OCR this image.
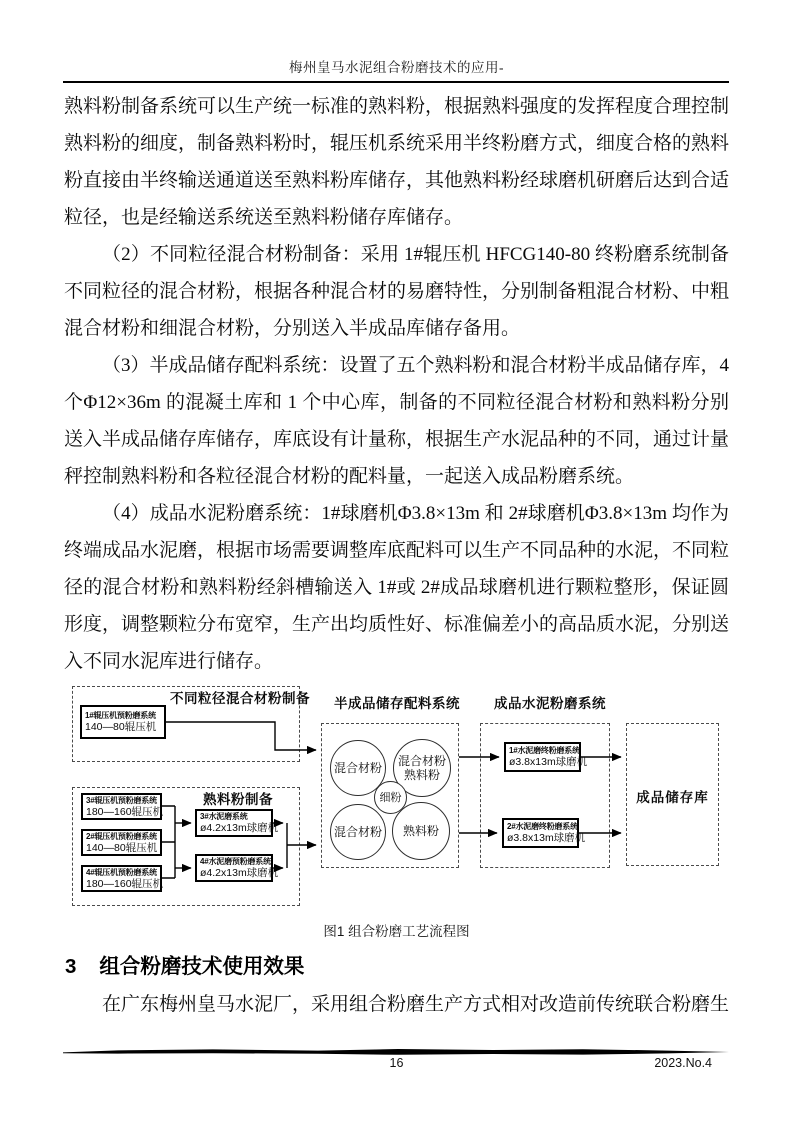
梅州皇马水泥组合粉磨技术的应用-

熟料粉制备系统可以生产统一标准的熟料粉，根据熟料强度的发挥程度合理控制熟料粉的细度，制备熟料粉时，辊压机系统采用半终粉磨方式，细度合格的熟料粉直接由半终输送通道送至熟料粉库储存，其他熟料粉经球磨机研磨后达到合适粒径，也是经输送系统送至熟料粉储存库储存。

（2）不同粒径混合材粉制备：采用 1#辊压机 HFCG140-80 终粉磨系统制备不同粒径的混合材粉，根据各种混合材的易磨特性，分别制备粗混合材粉、中粗混合材粉和细混合材粉，分别送入半成品库储存备用。

（3）半成品储存配料系统：设置了五个熟料粉和混合材粉半成品储存库，4 个Φ12×36m 的混凝土库和 1 个中心库，制备的不同粒径混合材粉和熟料粉分别送入半成品储存库储存，库底设有计量称，根据生产水泥品种的不同，通过计量秤控制熟料粉和各粒径混合材粉的配料量，一起送入成品粉磨系统。

（4）成品水泥粉磨系统：1#球磨机Φ3.8×13m 和 2#球磨机Φ3.8×13m 均作为终端成品水泥磨，根据市场需要调整库底配料可以生产不同品种的水泥，不同粒径的混合材粉和熟料粉经斜槽输送入 1#或 2#成品球磨机进行颗粒整形，保证圆形度，调整颗粒分布宽窄，生产出均质性好、标准偏差小的高品质水泥，分别送入不同水泥库进行储存。

不同粒径混合材粉制备
1#辊压机预粉磨系统
140—80辊压机
熟料粉制备
3#辊压机预粉磨系统
180—160辊压机
2#辊压机预粉磨系统
140—80辊压机
4#辊压机预粉磨系统
180—160辊压机
3#水泥磨系统
ø4.2x13m球磨机
4#水泥磨预粉磨系统
ø4.2x13m球磨机
半成品储存配料系统
混合材粉 混合材粉
熟料粉
细粉
混合材粉 熟料粉
成品水泥粉磨系统
1#水泥磨终粉磨系统
ø3.8x13m球磨机
2#水泥磨终粉磨系统
ø3.8x13m球磨机
成品储存库
图1 组合粉磨工艺流程图
3 组合粉磨技术使用效果
在广东梅州皇马水泥厂，采用组合粉磨生产方式相对改造前传统联合粉磨生
16	2023.No.4
